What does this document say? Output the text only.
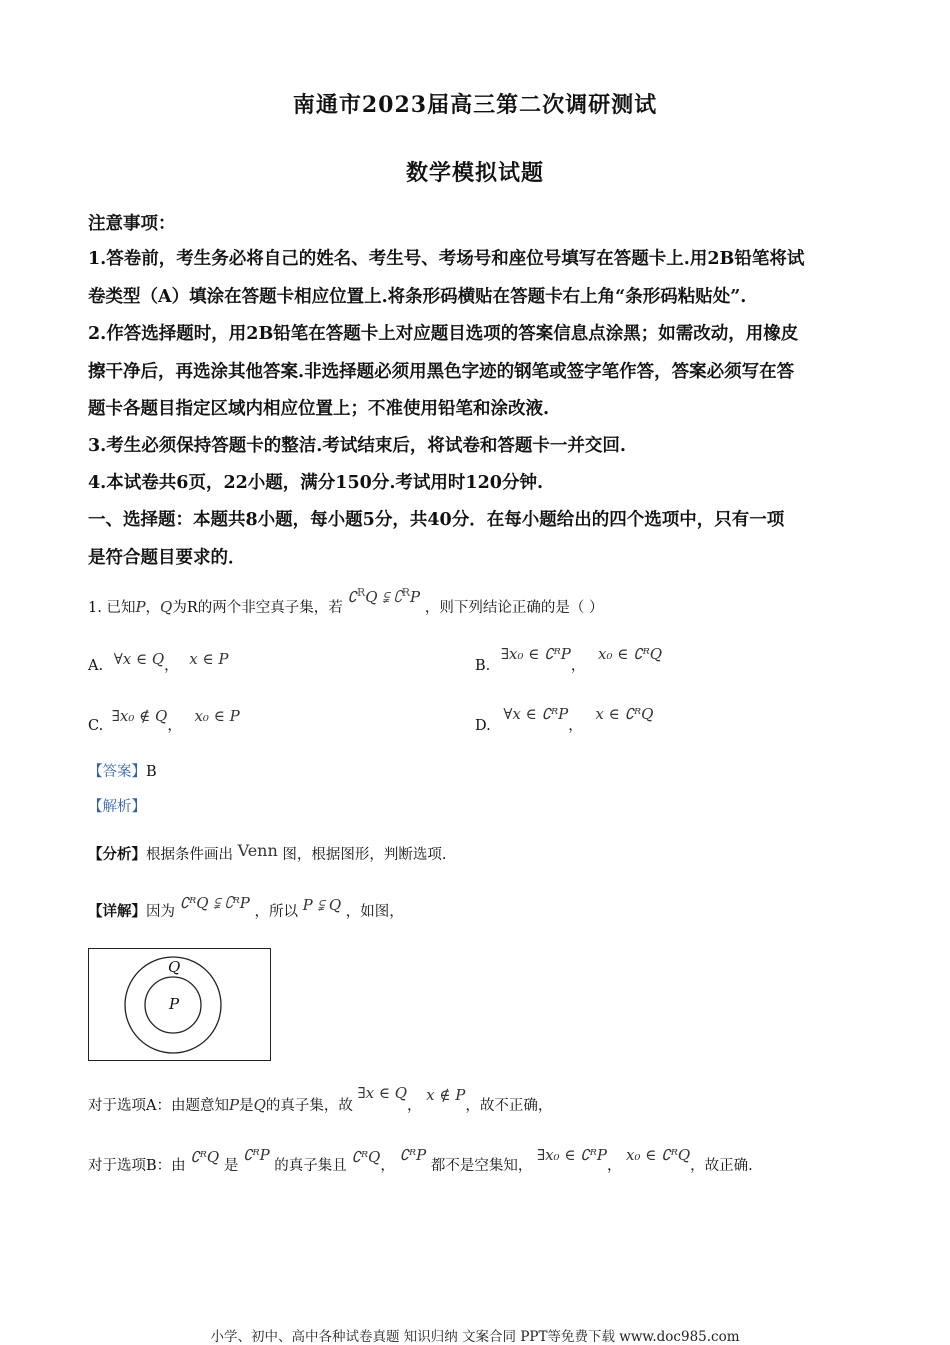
南通市2023届高三第二次调研测试
数学模拟试题
注意事项：
1.答卷前，考生务必将自己的姓名、考生号、考场号和座位号填写在答题卡上.用2B铅笔将试
卷类型（A）填涂在答题卡相应位置上.将条形码横贴在答题卡右上角“条形码粘贴处”.
2.作答选择题时，用2B铅笔在答题卡上对应题目选项的答案信息点涂黑；如需改动，用橡皮
擦干净后，再选涂其他答案.非选择题必须用黑色字迹的钢笔或签字笔作答，答案必须写在答
题卡各题目指定区域内相应位置上；不准使用铅笔和涂改液.
3.考生必须保持答题卡的整洁.考试结束后，将试卷和答题卡一并交回.
4.本试卷共6页，22小题，满分150分.考试用时120分钟.
一、选择题：本题共8小题，每小题5分，共40分．在每小题给出的四个选项中，只有一项
是符合题目要求的．
1. 已知P，Q为R的两个非空真子集，若 ∁RQ ⫋ ∁RP ，则下列结论正确的是（ ）
A. ∀x ∈ Q， x ∈ P	B. ∃x₀ ∈ ∁ᴿP， x₀ ∈ ∁ᴿQ
C. ∃x₀ ∉ Q， x₀ ∈ P
D. ∀x ∈ ∁ᴿP， x ∈ ∁ᴿQ
【答案】B
【解析】
【分析】根据条件画出 Venn 图，根据图形，判断选项.
【详解】因为 ∁ᴿQ ⫋ ∁ᴿP ，所以 P ⫋ Q ，如图，
Q
P
对于选项A：由题意知P是Q的真子集，故 ∃x ∈ Q， x ∉ P，故不正确，
对于选项B：由 ∁ᴿQ 是 ∁ᴿP 的真子集且 ∁ᴿQ， ∁ᴿP 都不是空集知， ∃x₀ ∈ ∁ᴿP， x₀ ∈ ∁ᴿQ，故正确.
小学、初中、高中各种试卷真题 知识归纳 文案合同 PPT等免费下载 www.doc985.com
